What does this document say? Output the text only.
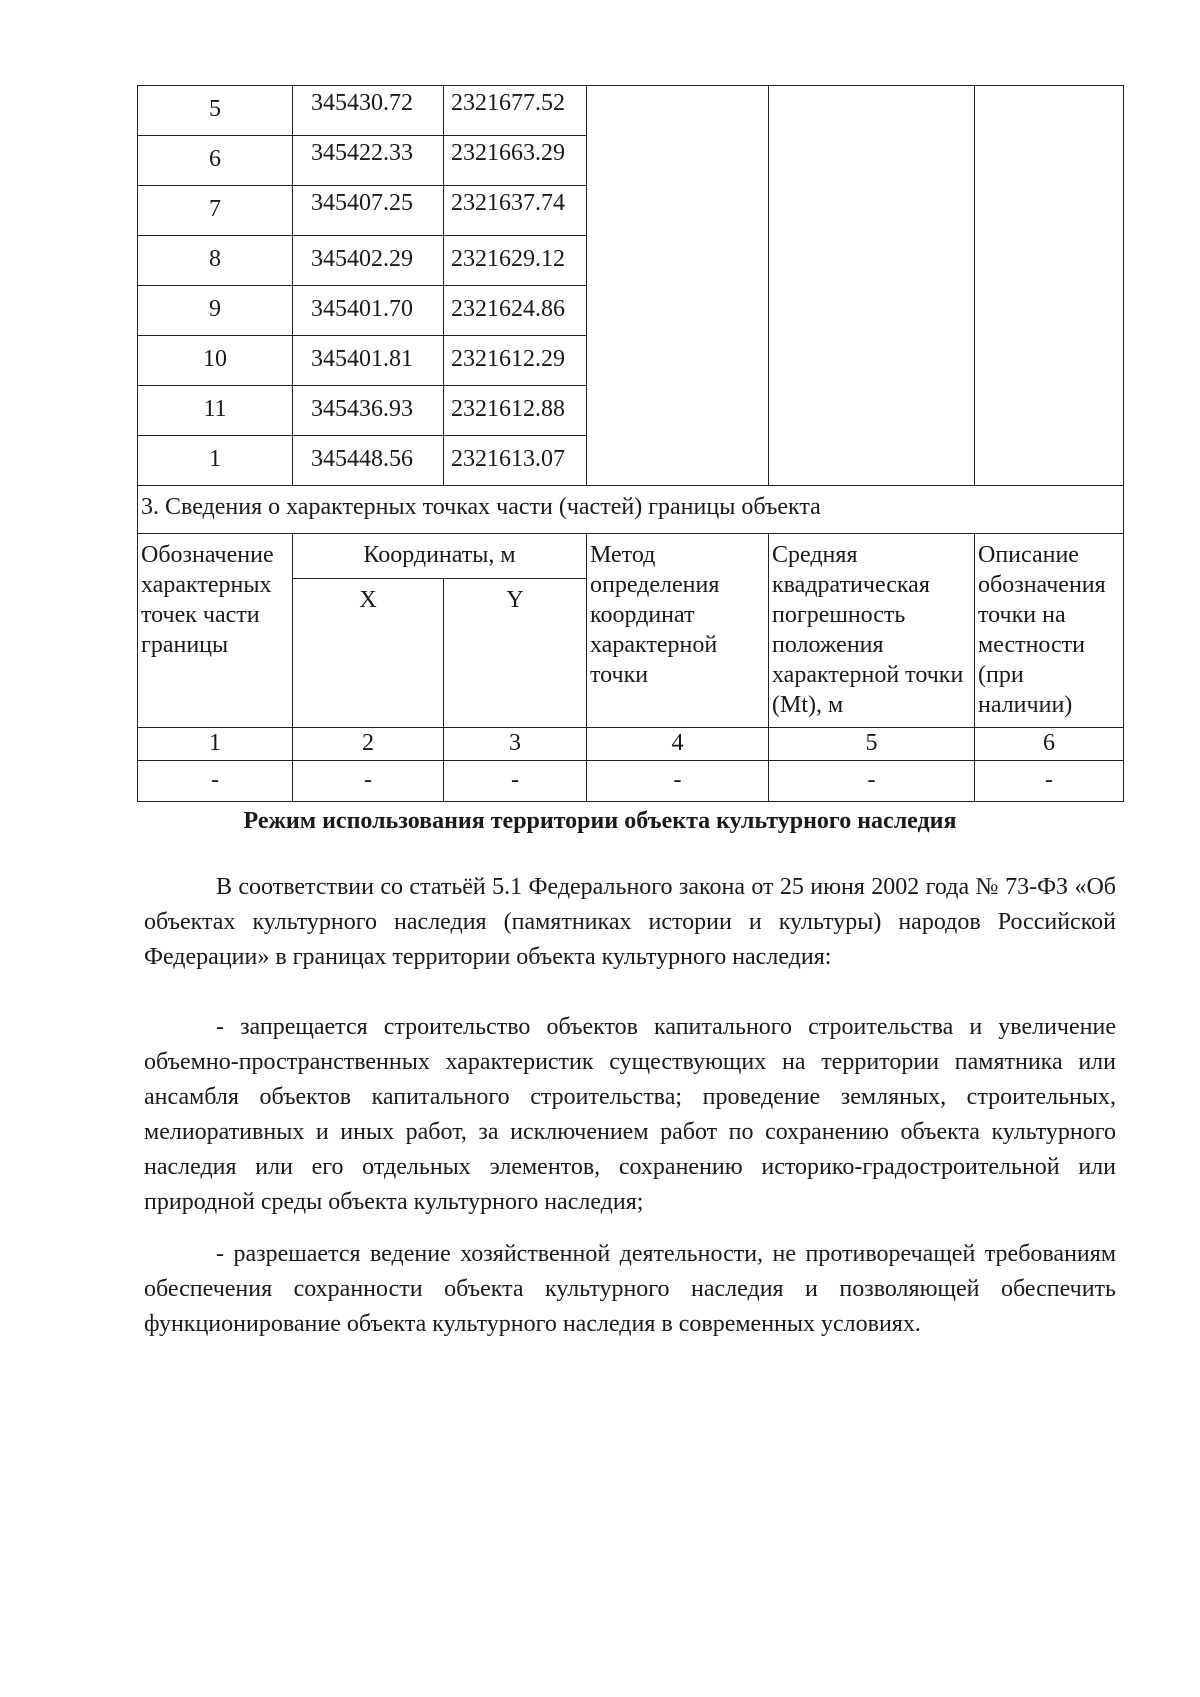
5	345430.72	2321677.52			
6	345422.33	2321663.29			
7	345407.25	2321637.74			
8	345402.29	2321629.12			
9	345401.70	2321624.86			
10	345401.81	2321612.29			
11	345436.93	2321612.88			
1	345448.56	2321613.07			
3. Сведения о характерных точках части (частей) границы объекта					
Обозначение характерных точек части границы	Координаты, м		Метод определения координат характерной точки	Средняя квадратическая погрешность положения характерной точки (Mt), м	Описание обозначения точки на местности (при наличии)
	X	Y			
1	2	3	4	5	6
-	-	-	-	-	-
Режим использования территории объекта культурного наследия
В соответствии со статьёй 5.1 Федерального закона от 25 июня 2002 года № 73-ФЗ «Об объектах культурного наследия (памятниках истории и культуры) народов Российской Федерации» в границах территории объекта культурного наследия:
- запрещается строительство объектов капитального строительства и увеличение объемно-пространственных характеристик существующих на территории памятника или ансамбля объектов капитального строительства; проведение земляных, строительных, мелиоративных и иных работ, за исключением работ по сохранению объекта культурного наследия или его отдельных элементов, сохранению историко-градостроительной или природной среды объекта культурного наследия;
- разрешается ведение хозяйственной деятельности, не противоречащей требованиям обеспечения сохранности объекта культурного наследия и позволяющей обеспечить функционирование объекта культурного наследия в современных условиях.
